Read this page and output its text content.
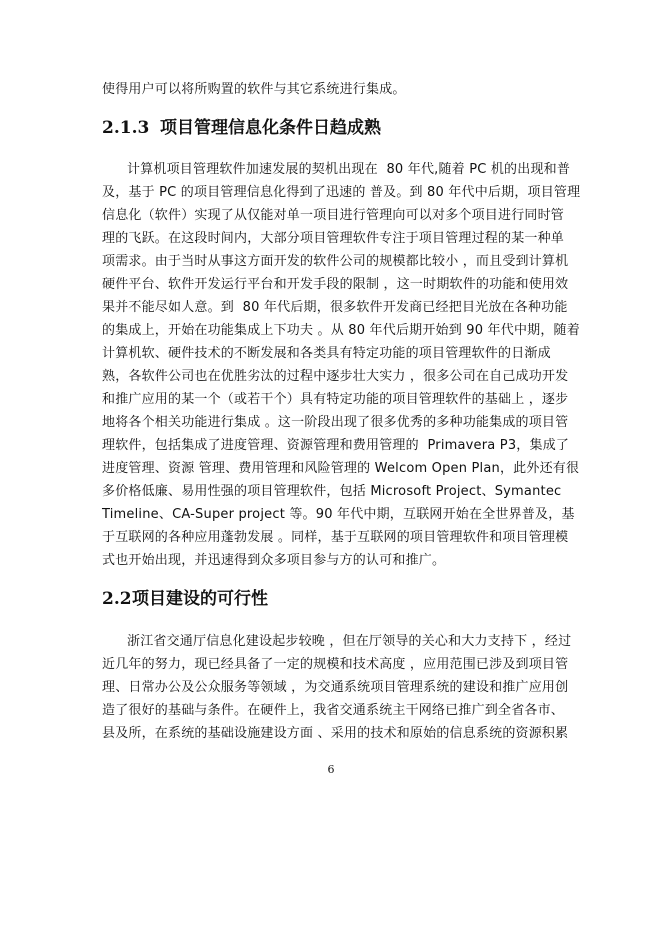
使得用户可以将所购置的软件与其它系统进行集成。
2.1.3 项目管理信息化条件日趋成熟
计算机项目管理软件加速发展的契机出现在  80 年代,随着 PC 机的出现和普
及，基于 PC 的项目管理信息化得到了迅速的 普及。到 80 年代中后期，项目管理
信息化（软件）实现了从仅能对单一项目进行管理向可以对多个项目进行同时管
理的飞跃。在这段时间内，大部分项目管理软件专注于项目管理过程的某一种单
项需求。由于当时从事这方面开发的软件公司的规模都比较小 ，而且受到计算机
硬件平台、软件开发运行平台和开发手段的限制 ，这一时期软件的功能和使用效
果并不能尽如人意。到  80 年代后期，很多软件开发商已经把目光放在各种功能
的集成上，开始在功能集成上下功夫 。从 80 年代后期开始到 90 年代中期，随着
计算机软、硬件技术的不断发展和各类具有特定功能的项目管理软件的日渐成
熟，各软件公司也在优胜劣汰的过程中逐步壮大实力 ，很多公司在自己成功开发
和推广应用的某一个（或若干个）具有特定功能的项目管理软件的基础上 ，逐步
地将各个相关功能进行集成 。这一阶段出现了很多优秀的多种功能集成的项目管
理软件，包括集成了进度管理、资源管理和费用管理的  Primavera P3，集成了
进度管理、资源 管理、费用管理和风险管理的 Welcom Open Plan，此外还有很
多价格低廉、易用性强的项目管理软件，包括 Microsoft Project、Symantec
Timeline、CA-Super project 等。90 年代中期，互联网开始在全世界普及，基
于互联网的各种应用蓬勃发展 。同样，基于互联网的项目管理软件和项目管理模
式也开始出现，并迅速得到众多项目参与方的认可和推广。
2.2项目建设的可行性
浙江省交通厅信息化建设起步较晚 ，但在厅领导的关心和大力支持下 ，经过
近几年的努力，现已经具备了一定的规模和技术高度 ，应用范围已涉及到项目管
理、日常办公及公众服务等领域 ，为交通系统项目管理系统的建设和推广应用创
造了很好的基础与条件。在硬件上，我省交通系统主干网络已推广到全省各市、
县及所，在系统的基础设施建设方面 、采用的技术和原始的信息系统的资源积累
6
